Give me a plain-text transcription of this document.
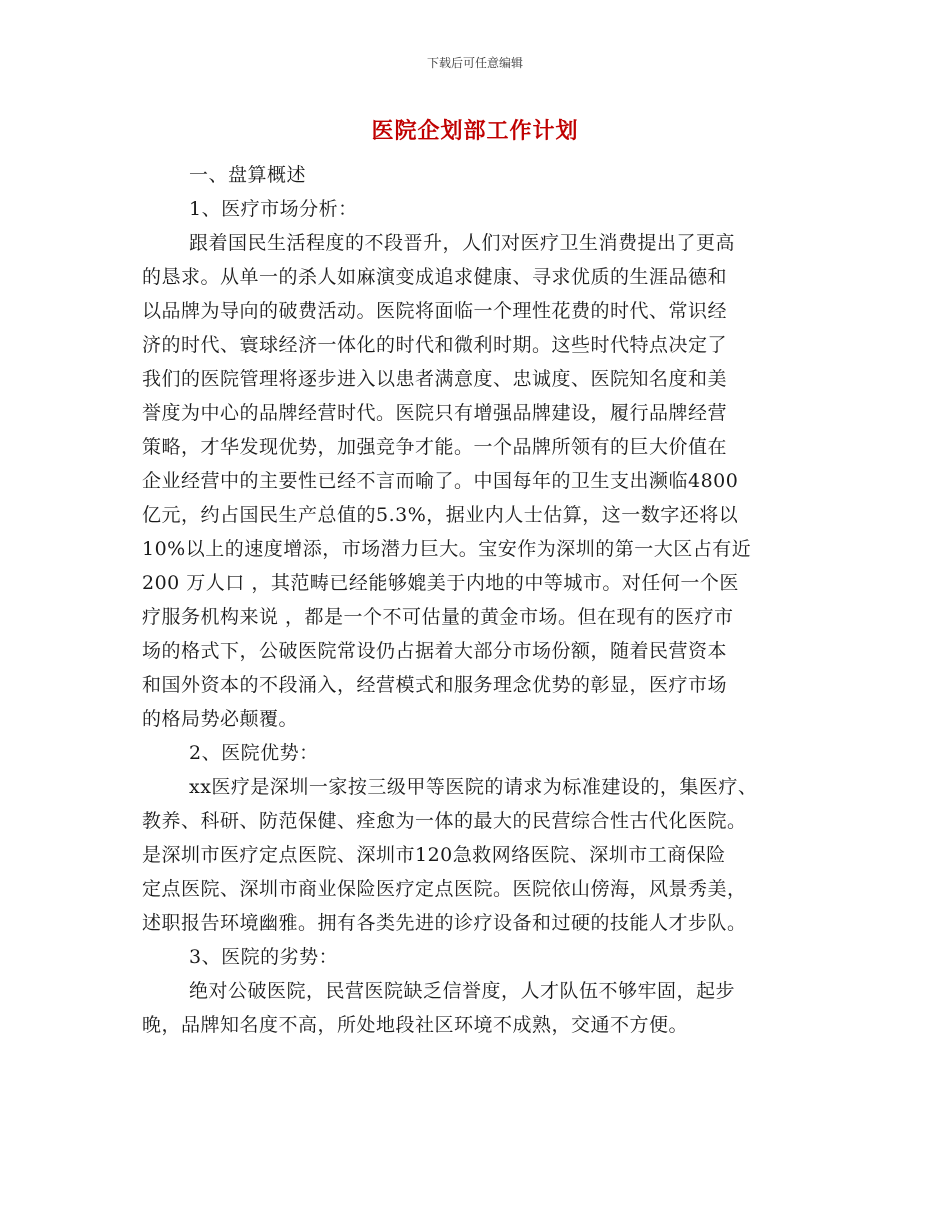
下载后可任意编辑
医院企划部工作计划
一、盘算概述
1、医疗市场分析：
跟着国民生活程度的不段晋升，人们对医疗卫生消费提出了更高
的恳求。从单一的杀人如麻演变成追求健康、寻求优质的生涯品德和
以品牌为导向的破费活动。医院将面临一个理性花费的时代、常识经
济的时代、寰球经济一体化的时代和微利时期。这些时代特点决定了
我们的医院管理将逐步进入以患者满意度、忠诚度、医院知名度和美
誉度为中心的品牌经营时代。医院只有增强品牌建设，履行品牌经营
策略，才华发现优势，加强竞争才能。一个品牌所领有的巨大价值在
企业经营中的主要性已经不言而喻了。中国每年的卫生支出濒临4800
亿元，约占国民生产总值的5.3%，据业内人士估算，这一数字还将以
10%以上的速度增添，市场潜力巨大。宝安作为深圳的第一大区占有近
200 万人口 ，其范畴已经能够媲美于内地的中等城市。对任何一个医
疗服务机构来说 ，都是一个不可估量的黄金市场。但在现有的医疗市
场的格式下，公破医院常设仍占据着大部分市场份额，随着民营资本
和国外资本的不段涌入，经营模式和服务理念优势的彰显，医疗市场
的格局势必颠覆。
2、医院优势：
xx医疗是深圳一家按三级甲等医院的请求为标准建设的，集医疗、
教养、科研、防范保健、痊愈为一体的最大的民营综合性古代化医院。
是深圳市医疗定点医院、深圳市120急救网络医院、深圳市工商保险
定点医院、深圳市商业保险医疗定点医院。医院依山傍海，风景秀美，
述职报告环境幽雅。拥有各类先进的诊疗设备和过硬的技能人才步队。
3、医院的劣势：
绝对公破医院，民营医院缺乏信誉度，人才队伍不够牢固，起步
晚，品牌知名度不高，所处地段社区环境不成熟，交通不方便。
